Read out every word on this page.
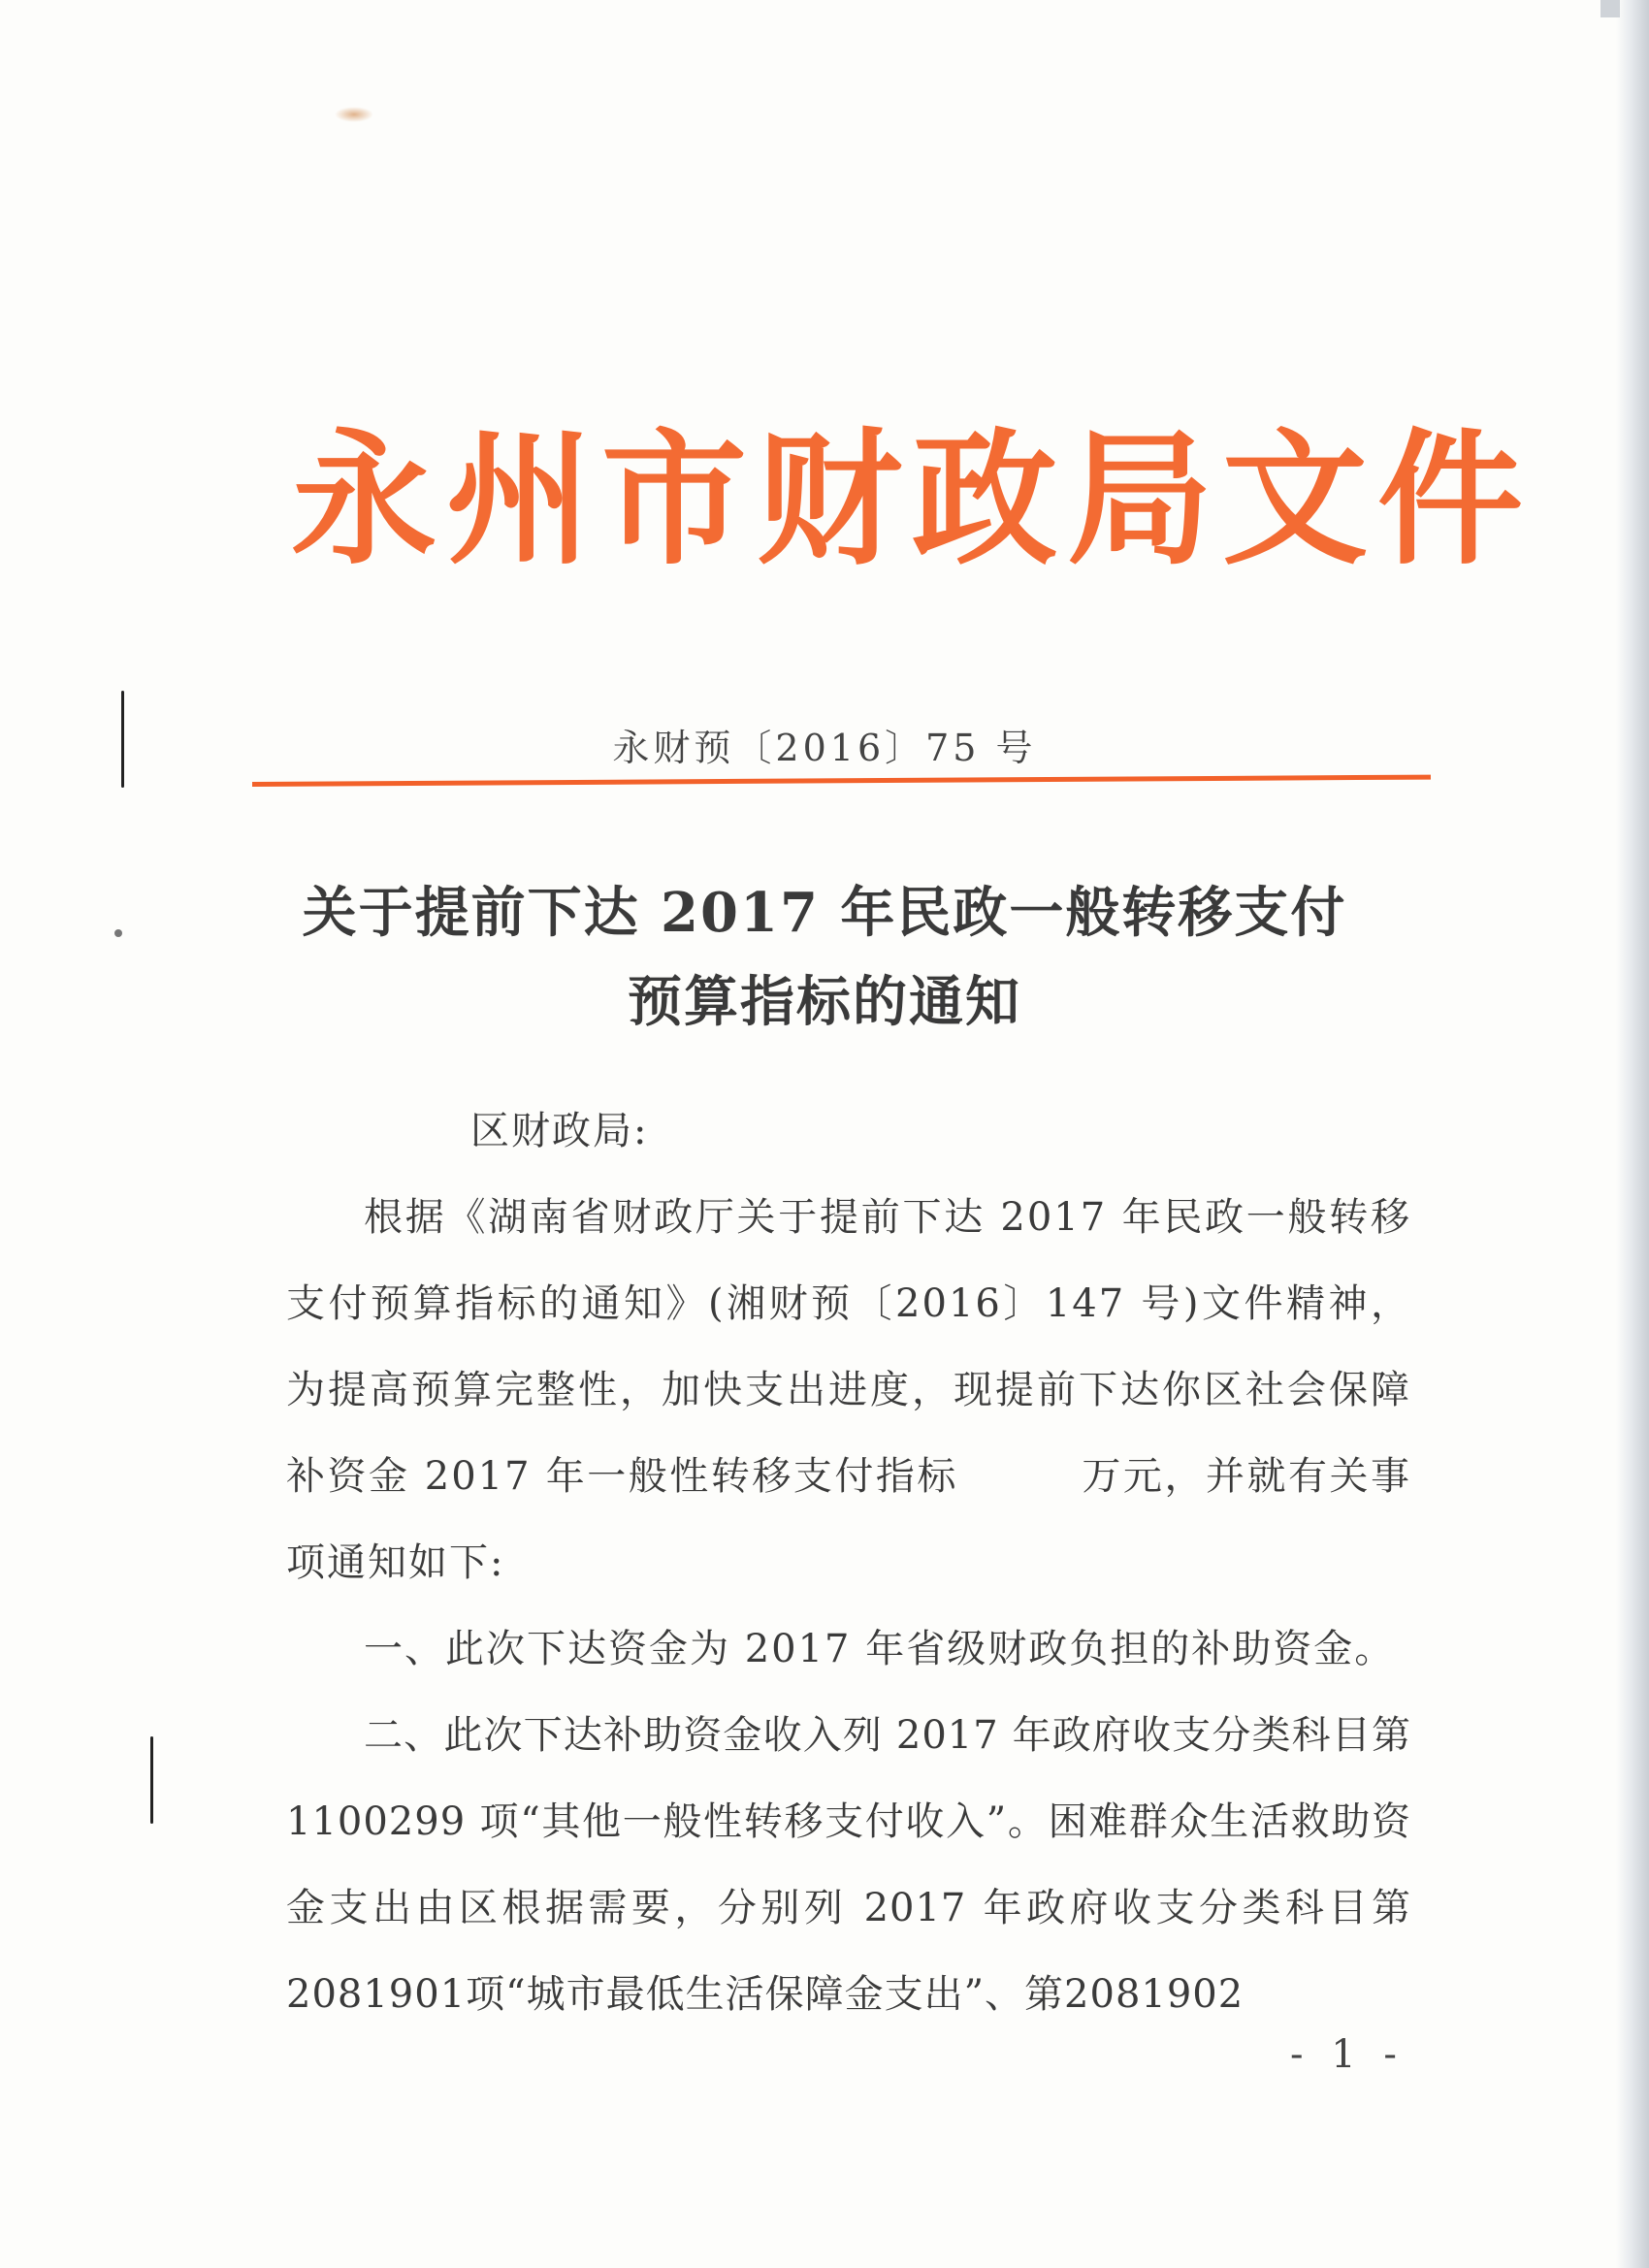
永州市财政局文件
永财预〔2016〕75 号
关于提前下达 2017 年民政一般转移支付
预算指标的通知

区财政局:

根据《湖南省财政厅关于提前下达 2017 年民政一般转移支付预算指标的通知》(湘财预〔2016〕147 号)文件精神，为提高预算完整性，加快支出进度，现提前下达你区社会保障补资金 2017 年一般性转移支付指标　　　万元，并就有关事项通知如下:

一、此次下达资金为 2017 年省级财政负担的补助资金。

二、此次下达补助资金收入列 2017 年政府收支分类科目第 1100299 项“其他一般性转移支付收入”。困难群众生活救助资金支出由区根据需要，分别列 2017 年政府收支分类科目第2081901项“城市最低生活保障金支出”、第2081902

- 1 -
